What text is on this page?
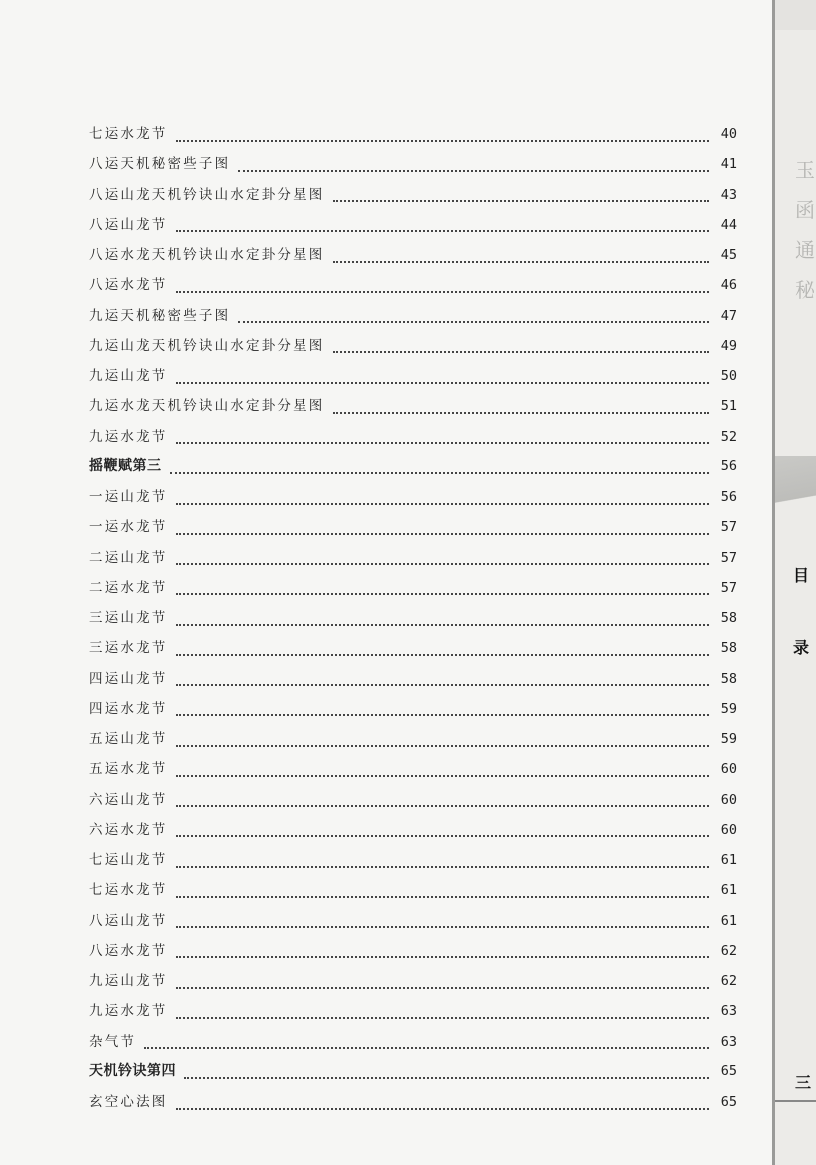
七运水龙节	40
八运天机秘密些子图	41
八运山龙天机钤诀山水定卦分星图	43
八运山龙节	44
八运水龙天机钤诀山水定卦分星图	45
八运水龙节	46
九运天机秘密些子图	47
九运山龙天机钤诀山水定卦分星图	49
九运山龙节	50
九运水龙天机钤诀山水定卦分星图	51
九运水龙节	52
摇鞭赋第三	56
一运山龙节	56
一运水龙节	57
二运山龙节	57
二运水龙节	57
三运山龙节	58
三运水龙节	58
四运山龙节	58
四运水龙节	59
五运山龙节	59
五运水龙节	60
六运山龙节	60
六运水龙节	60
七运山龙节	61
七运水龙节	61
八运山龙节	61
八运水龙节	62
九运山龙节	62
九运水龙节	63
杂气节	63
天机钤诀第四	65
玄空心法图	65
玉
函
通
秘
目
录
三
